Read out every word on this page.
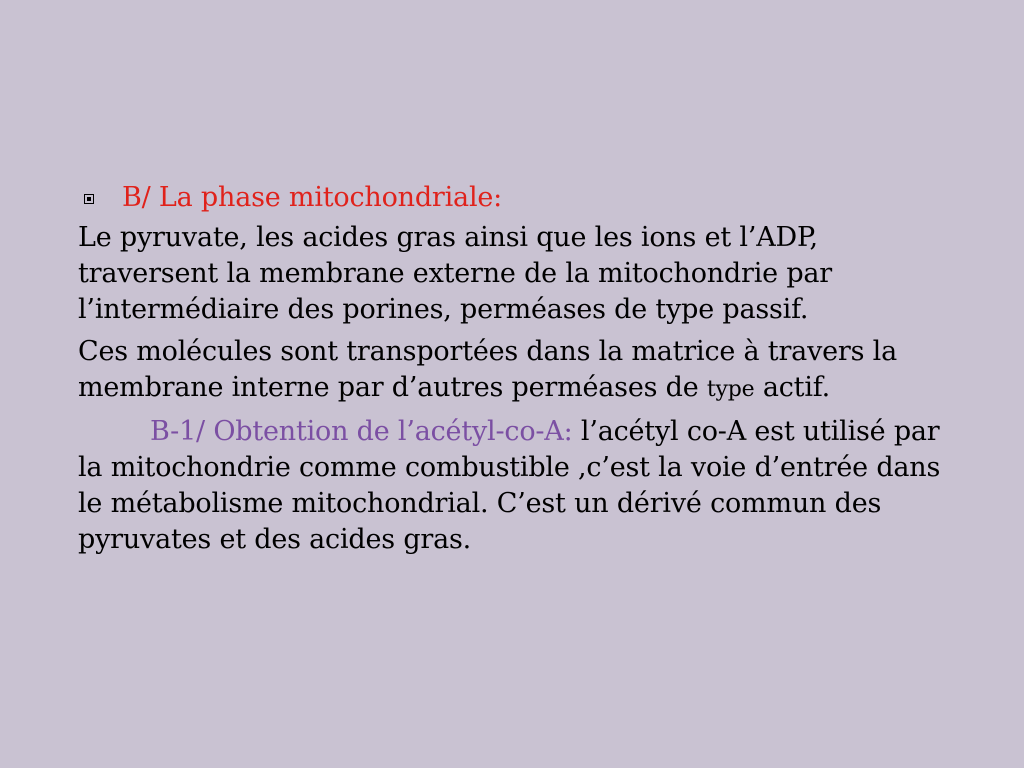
B/ La phase mitochondriale:

Le pyruvate, les acides gras ainsi que les ions et l’ADP, traversent la membrane externe de la mitochondrie par l’intermédiaire des porines, perméases de type passif.

Ces molécules sont transportées dans la matrice à travers la membrane interne par d’autres perméases de type actif.

B-1/ Obtention de l’acétyl-co-A: l’acétyl co-A est utilisé par la mitochondrie comme combustible ,c’est la voie d’entrée dans le métabolisme mitochondrial. C’est un dérivé commun des pyruvates et des acides gras.
